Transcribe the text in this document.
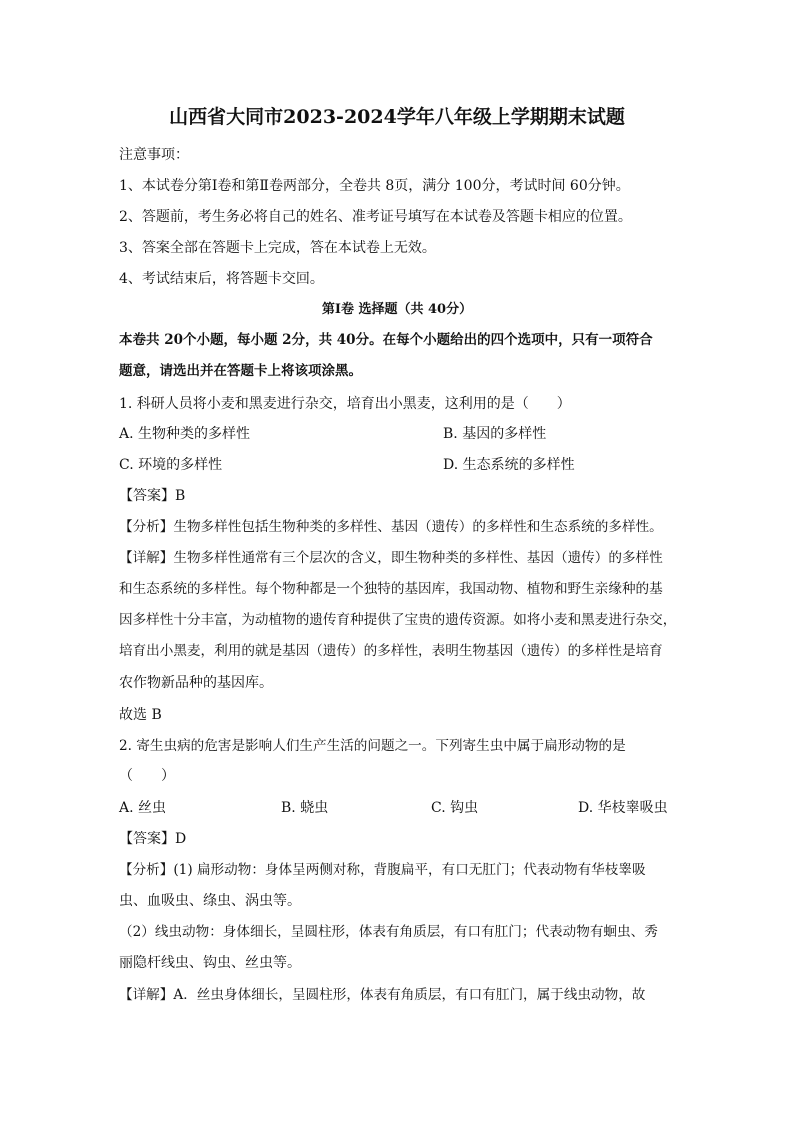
山西省大同市2023-2024学年八年级上学期期末试题
注意事项：
1、本试卷分第Ⅰ卷和第Ⅱ卷两部分，全卷共 8页，满分 100分，考试时间 60分钟。
2、答题前，考生务必将自己的姓名、准考证号填写在本试卷及答题卡相应的位置。
3、答案全部在答题卡上完成，答在本试卷上无效。
4、考试结束后，将答题卡交回。
第Ⅰ卷 选择题（共 40分）
本卷共 20个小题，每小题 2分，共 40分。在每个小题给出的四个选项中，只有一项符合
题意，请选出并在答题卡上将该项涂黑。
1. 科研人员将小麦和黑麦进行杂交，培育出小黑麦，这利用的是（　　）
A. 生物种类的多样性	B. 基因的多样性
C. 环境的多样性	D. 生态系统的多样性
【答案】B
【分析】生物多样性包括生物种类的多样性、基因（遗传）的多样性和生态系统的多样性。
【详解】生物多样性通常有三个层次的含义，即生物种类的多样性、基因（遗传）的多样性
和生态系统的多样性。每个物种都是一个独特的基因库，我国动物、植物和野生亲缘种的基
因多样性十分丰富，为动植物的遗传育种提供了宝贵的遗传资源。如将小麦和黑麦进行杂交，
培育出小黑麦，利用的就是基因（遗传）的多样性，表明生物基因（遗传）的多样性是培育
农作物新品种的基因库。
故选 B
2. 寄生虫病的危害是影响人们生产生活的问题之一。下列寄生虫中属于扁形动物的是
（　　）
A. 丝虫	B. 蛲虫	C. 钩虫	D. 华枝睾吸虫
【答案】D
【分析】(1) 扁形动物：身体呈两侧对称，背腹扁平，有口无肛门；代表动物有华枝睾吸
虫、血吸虫、绦虫、涡虫等。
（2）线虫动物：身体细长，呈圆柱形，体表有角质层，有口有肛门；代表动物有蛔虫、秀
丽隐杆线虫、钩虫、丝虫等。
【详解】A．丝虫身体细长，呈圆柱形，体表有角质层，有口有肛门，属于线虫动物，故
